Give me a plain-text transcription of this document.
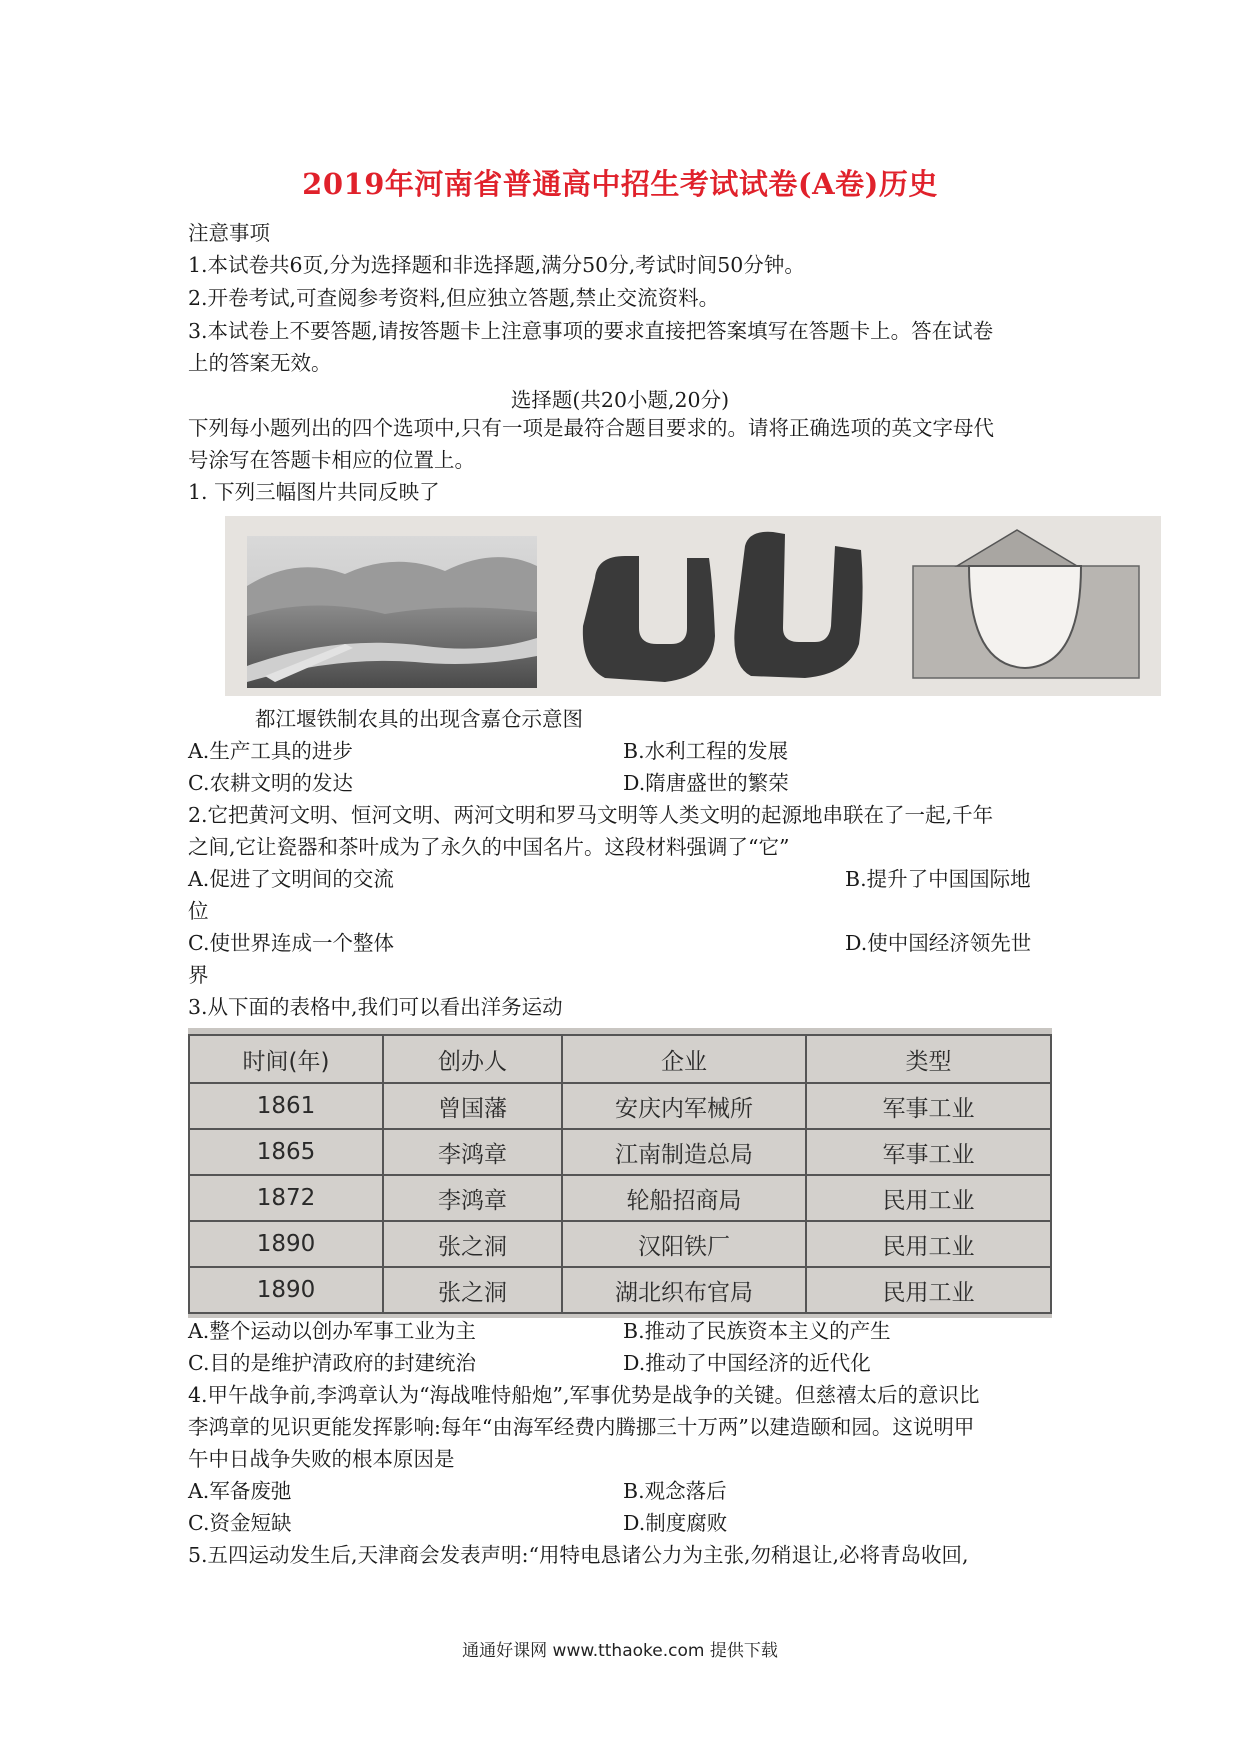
2019年河南省普通高中招生考试试卷(A卷)历史
注意事项
1.本试卷共6页,分为选择题和非选择题,满分50分,考试时间50分钟。
2.开卷考试,可查阅参考资料,但应独立答题,禁止交流资料。
3.本试卷上不要答题,请按答题卡上注意事项的要求直接把答案填写在答题卡上。答在试卷
上的答案无效。
选择题(共20小题,20分)
下列每小题列出的四个选项中,只有一项是最符合题目要求的。请将正确选项的英文字母代
号涂写在答题卡相应的位置上。
1. 下列三幅图片共同反映了
都江堰铁制农具的出现含嘉仓示意图
A.生产工具的进步	B.水利工程的发展
C.农耕文明的发达	D.隋唐盛世的繁荣
2.它把黄河文明、恒河文明、两河文明和罗马文明等人类文明的起源地串联在了一起,千年
之间,它让瓷器和茶叶成为了永久的中国名片。这段材料强调了“它”
A.促进了文明间的交流	B.提升了中国国际地
位
C.使世界连成一个整体	D.使中国经济领先世
界
3.从下面的表格中,我们可以看出洋务运动
时间(年)	创办人	企业	类型
1861	曾国藩	安庆内军械所	军事工业
1865	李鸿章	江南制造总局	军事工业
1872	李鸿章	轮船招商局	民用工业
1890	张之洞	汉阳铁厂	民用工业
1890	张之洞	湖北织布官局	民用工业
A.整个运动以创办军事工业为主	B.推动了民族资本主义的产生
C.目的是维护清政府的封建统治	D.推动了中国经济的近代化
4.甲午战争前,李鸿章认为“海战唯恃船炮”,军事优势是战争的关键。但慈禧太后的意识比
李鸿章的见识更能发挥影响:每年“由海军经费内腾挪三十万两”以建造颐和园。这说明甲
午中日战争失败的根本原因是
A.军备废弛	B.观念落后
C.资金短缺	D.制度腐败
5.五四运动发生后,天津商会发表声明:“用特电恳诸公力为主张,勿稍退让,必将青岛收回,
通通好课网 www.tthaoke.com 提供下载
